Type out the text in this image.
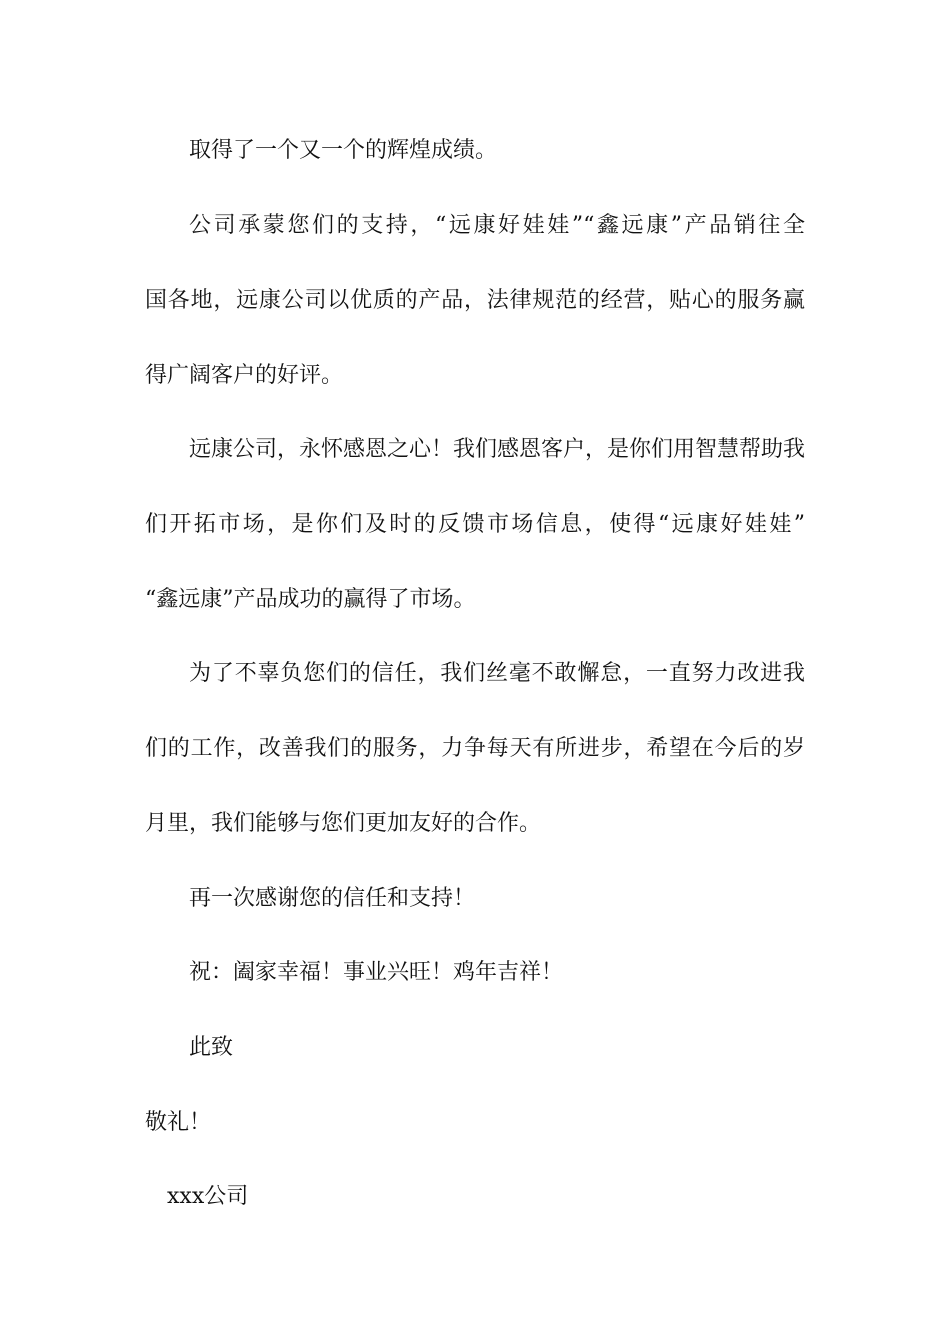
取得了一个又一个的辉煌成绩。

公司承蒙您们的支持，“远康好娃娃”“鑫远康”产品销往全

国各地，远康公司以优质的产品，法律规范的经营，贴心的服务赢

得广阔客户的好评。

远康公司，永怀感恩之心！我们感恩客户，是你们用智慧帮助我

们开拓市场，是你们及时的反馈市场信息，使得“远康好娃娃”

“鑫远康”产品成功的赢得了市场。

为了不辜负您们的信任，我们丝毫不敢懈怠，一直努力改进我

们的工作，改善我们的服务，力争每天有所进步，希望在今后的岁

月里，我们能够与您们更加友好的合作。

再一次感谢您的信任和支持！

祝：阖家幸福！事业兴旺！鸡年吉祥！

此致

敬礼！

xxx公司
